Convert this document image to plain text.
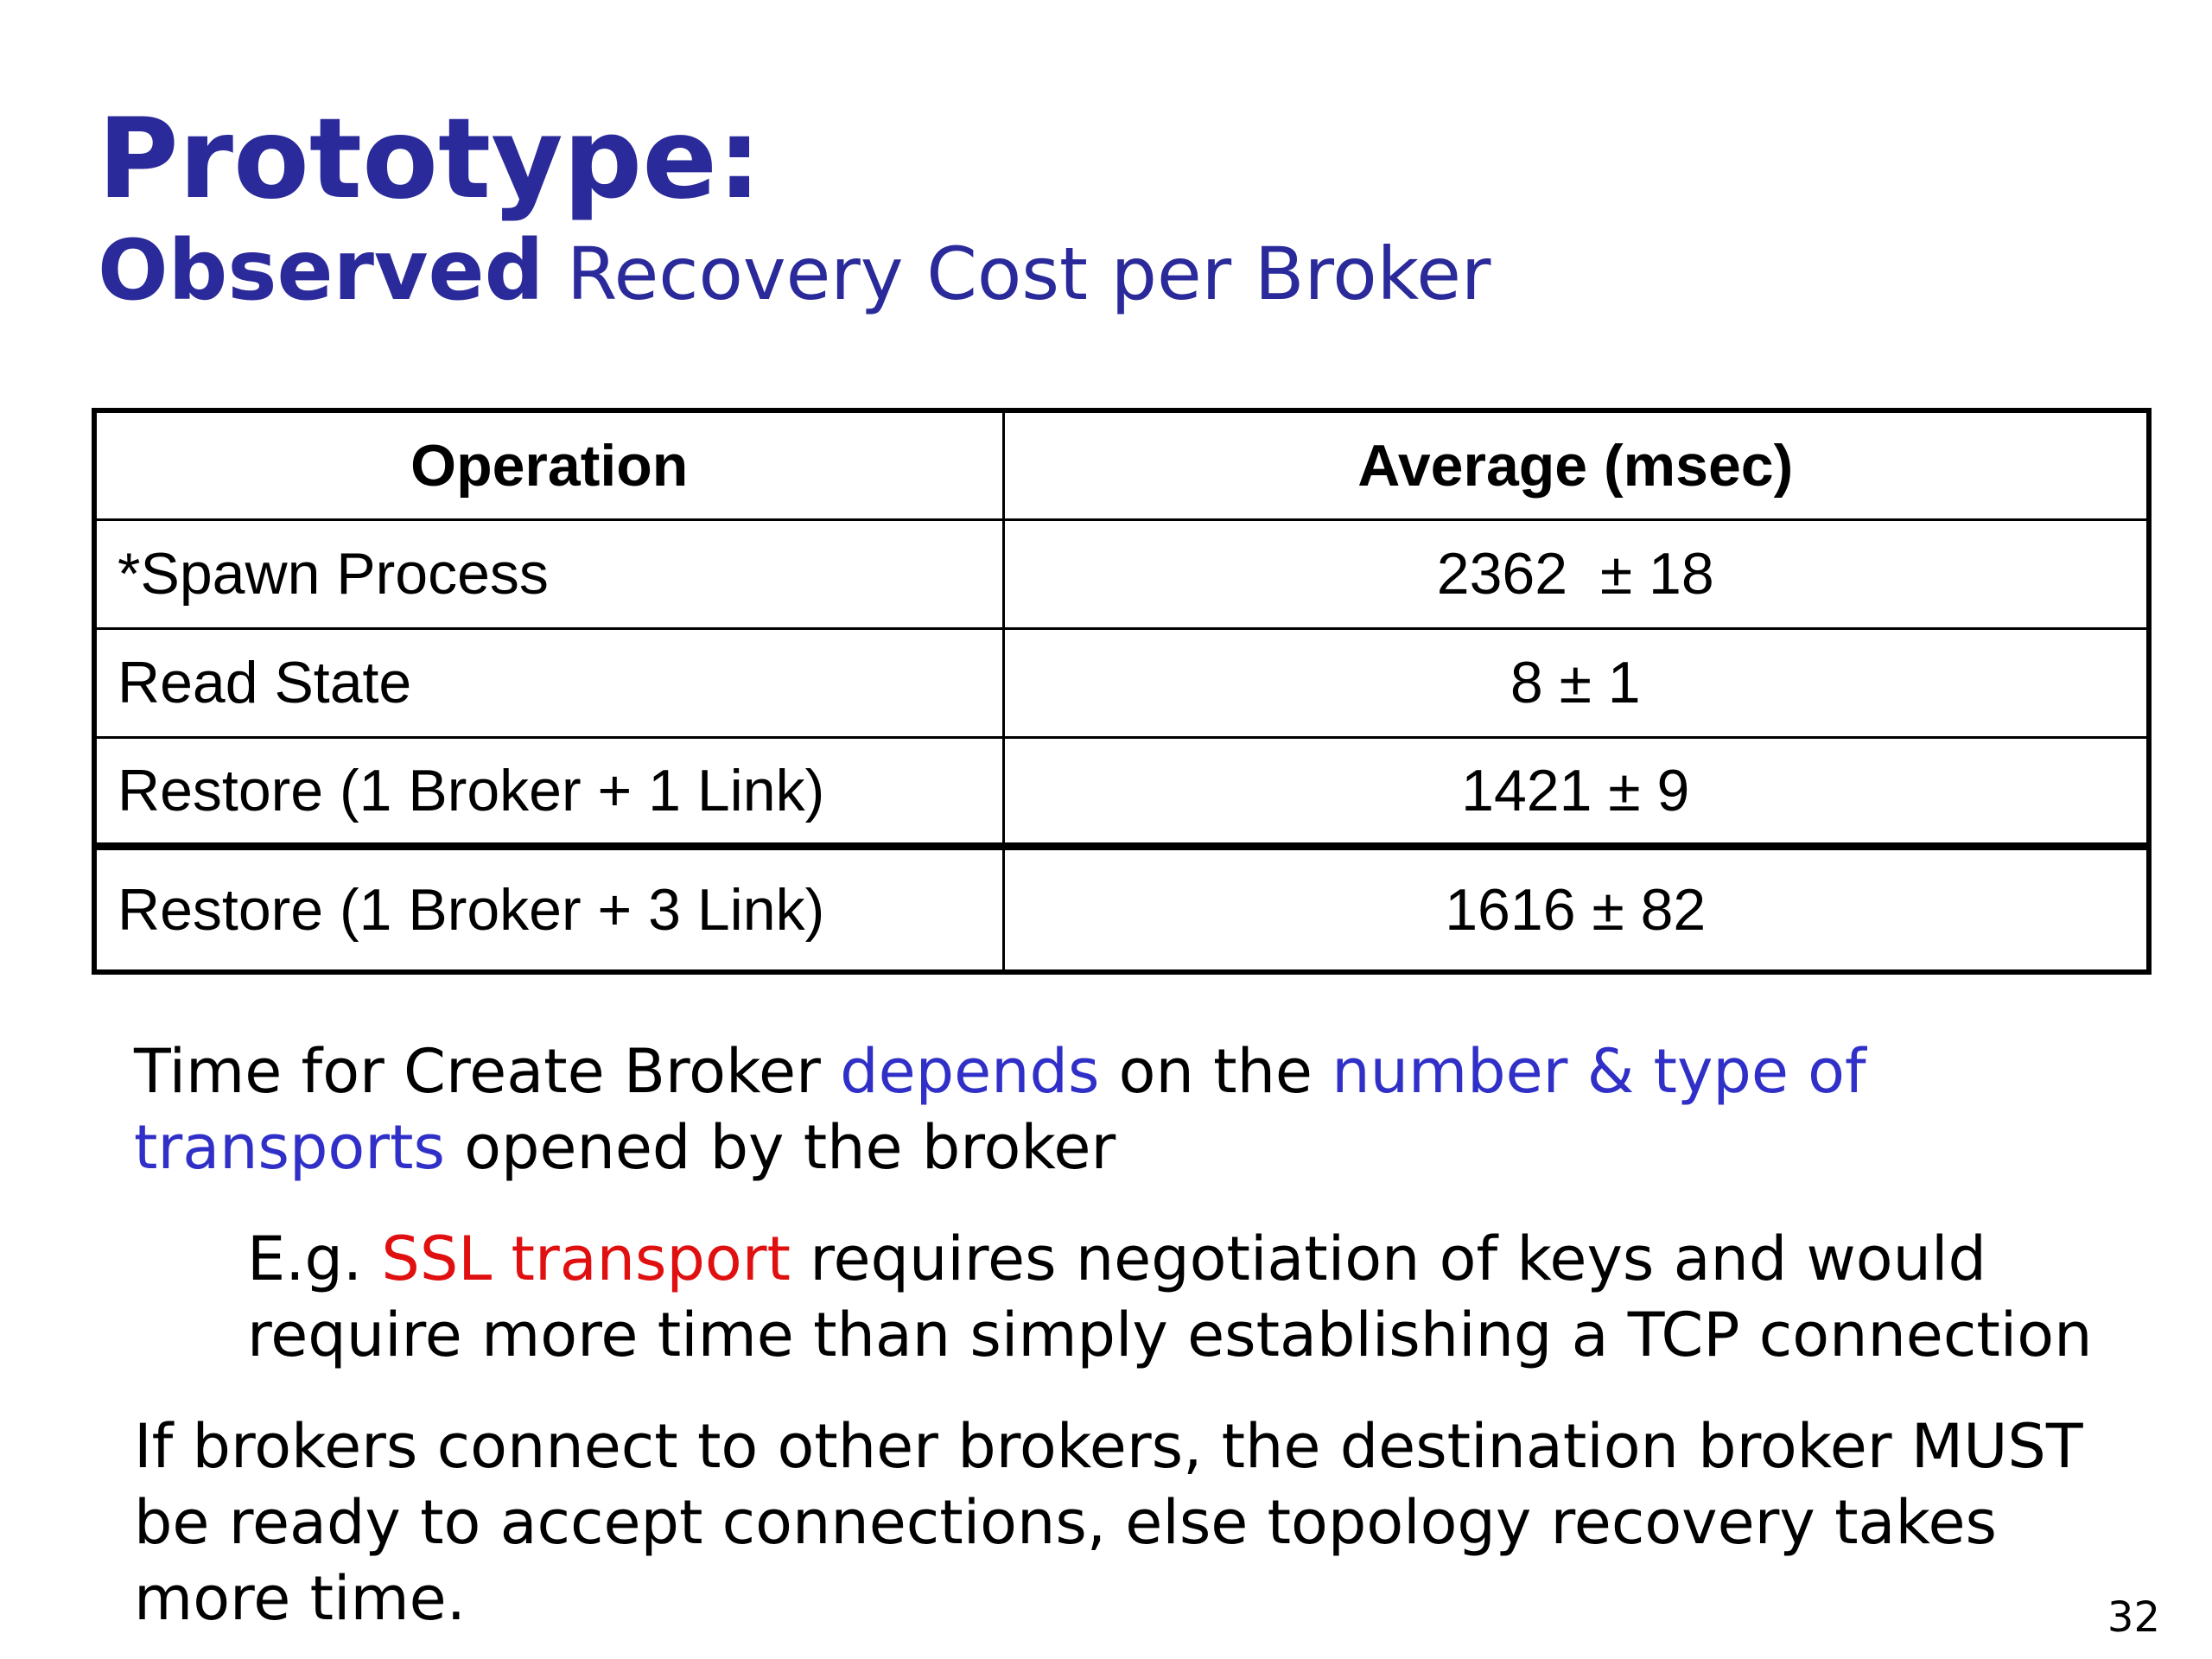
Prototype:
Observed Recovery Cost per Broker
Operation	Average (msec)
*Spawn Process	2362  ± 18
Read State	8 ± 1
Restore (1 Broker + 1 Link)	1421 ± 9
Restore (1 Broker + 3 Link)	1616 ± 82

Time for Create Broker depends on the number & type of transports opened by the broker

E.g. SSL transport requires negotiation of keys and would require more time than simply establishing a TCP connection

If brokers connect to other brokers, the destination broker MUST be ready to accept connections, else topology recovery takes more time.	32
